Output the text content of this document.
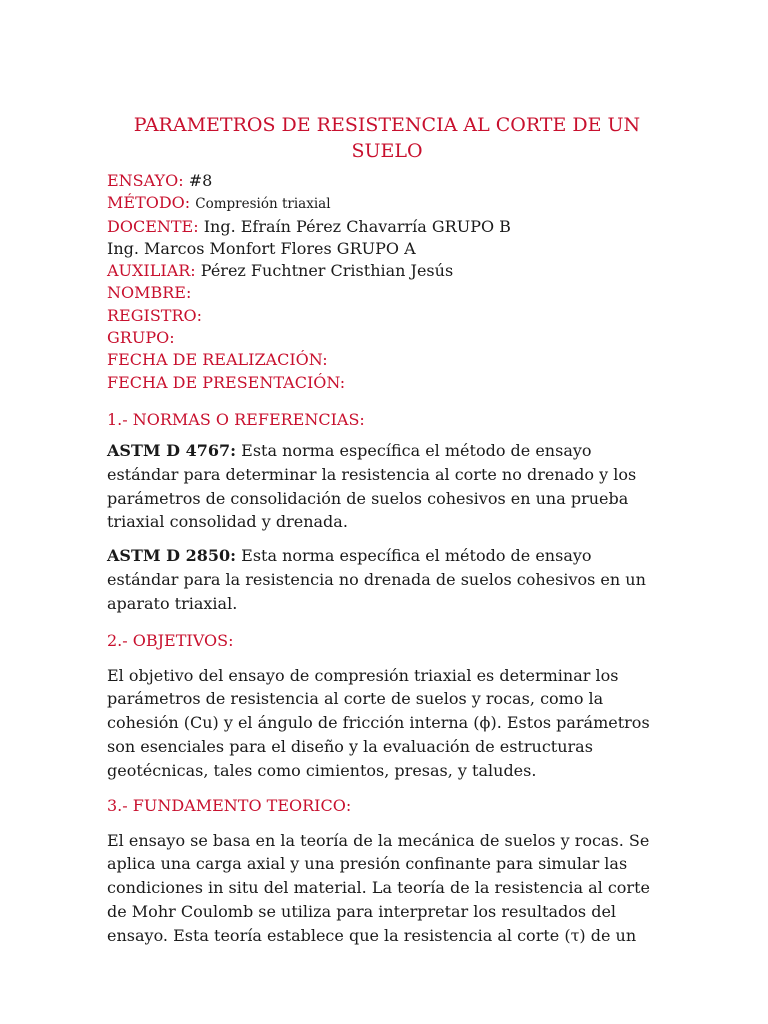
PARAMETROS DE RESISTENCIA AL CORTE DE UN SUELO

ENSAYO: #8

MÉTODO: Compresión triaxial

DOCENTE: Ing. Efraín Pérez Chavarría GRUPO B

Ing. Marcos Monfort Flores GRUPO A

AUXILIAR: Pérez Fuchtner Cristhian Jesús

NOMBRE:

REGISTRO:

GRUPO:

FECHA DE REALIZACIÓN:

FECHA DE PRESENTACIÓN:

1.- NORMAS O REFERENCIAS:

ASTM D 4767: Esta norma específica el método de ensayo estándar para determinar la resistencia al corte no drenado y los parámetros de consolidación de suelos cohesivos en una prueba triaxial consolidad y drenada.

ASTM D 2850: Esta norma específica el método de ensayo estándar para la resistencia no drenada de suelos cohesivos en un aparato triaxial.

2.- OBJETIVOS:

El objetivo del ensayo de compresión triaxial es determinar los parámetros de resistencia al corte de suelos y rocas, como la cohesión (Cu) y el ángulo de fricción interna (ϕ). Estos parámetros son esenciales para el diseño y la evaluación de estructuras geotécnicas, tales como cimientos, presas, y taludes.

3.- FUNDAMENTO TEORICO:

El ensayo se basa en la teoría de la mecánica de suelos y rocas. Se aplica una carga axial y una presión confinante para simular las condiciones in situ del material. La teoría de la resistencia al corte de Mohr Coulomb se utiliza para interpretar los resultados del ensayo. Esta teoría establece que la resistencia al corte (τ) de un
